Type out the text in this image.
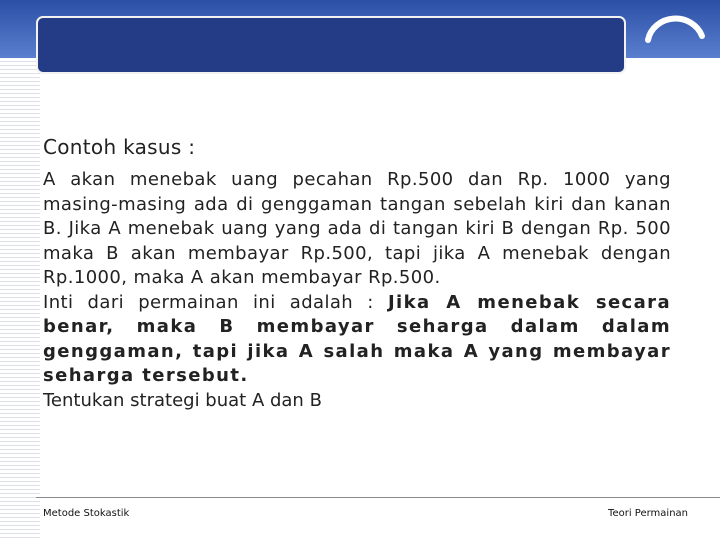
Contoh kasus :
A akan menebak uang pecahan Rp.500 dan Rp. 1000 yang masing-masing ada di genggaman tangan sebelah kiri dan kanan B. Jika A menebak uang yang ada di tangan kiri B dengan Rp. 500 maka B akan membayar Rp.500, tapi jika A menebak dengan Rp.1000, maka A akan membayar Rp.500.
Inti dari permainan ini adalah : Jika A menebak secara benar, maka B membayar seharga dalam dalam genggaman, tapi jika A salah maka A yang membayar seharga tersebut.
Tentukan strategi buat A dan B
Metode Stokastik	Teori Permainan
